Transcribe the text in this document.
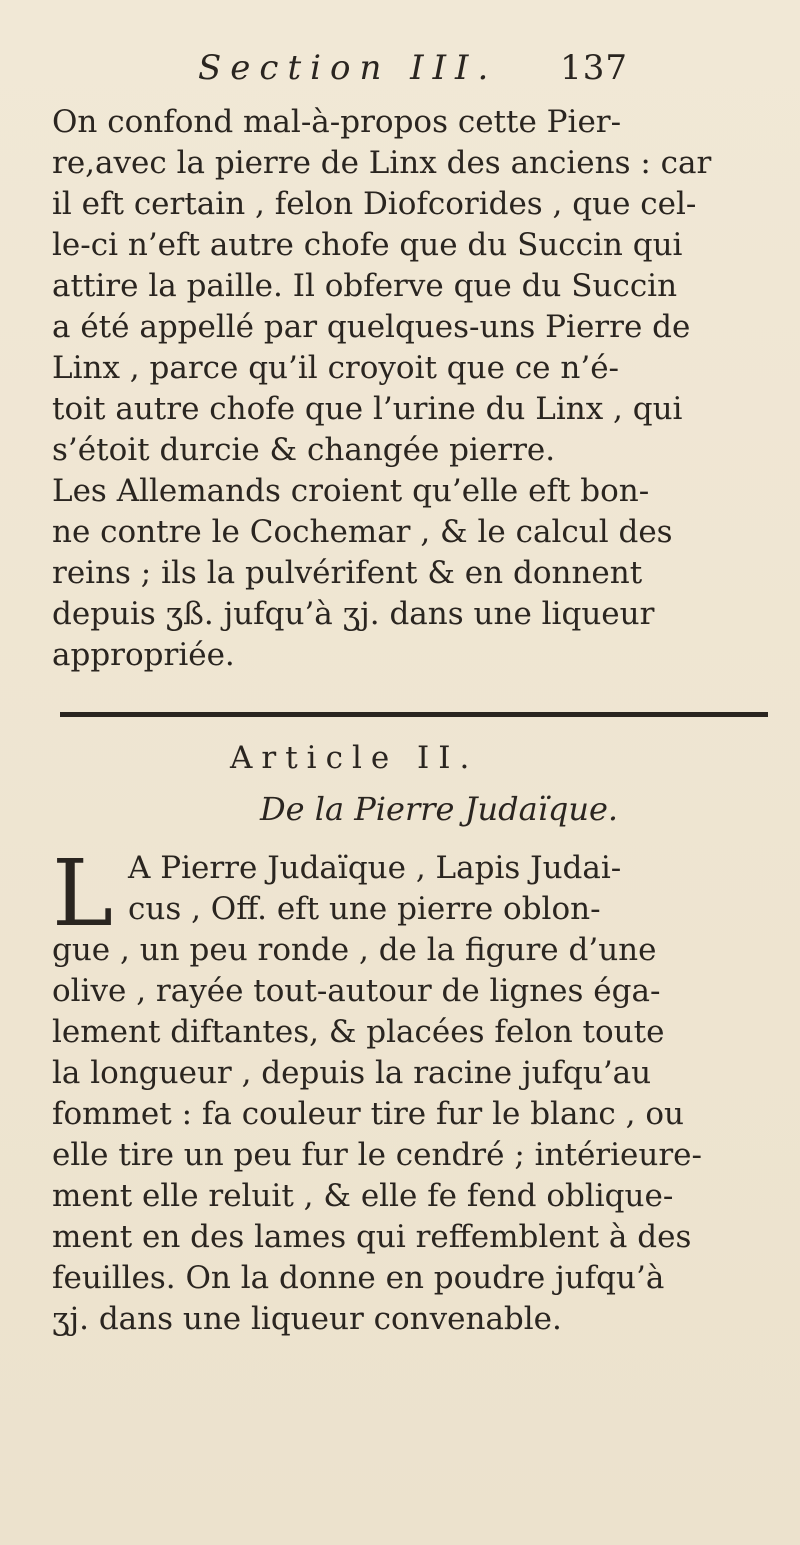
Section III. 137

On confond mal-à-propos cette Pier-
re,avec la pierre de Linx des anciens : car
il eft certain , felon Diofcorides , que cel-
le-ci n’eft autre chofe que du Succin qui
attire la paille. Il obferve que du Succin
a été appellé par quelques-uns Pierre de
Linx , parce qu’il croyoit que ce n’é-
toit autre chofe que l’urine du Linx , qui
s’étoit durcie & changée pierre.

Les Allemands croient qu’elle eft bon-
ne contre le Cochemar , & le calcul des
reins ; ils la pulvérifent & en donnent
depuis ʒß. jufqu’à ʒj. dans une liqueur
appropriée.

Article II.
De la Pierre Judaïque.
L A Pierre Judaïque , Lapis Judai-
cus , Off. eft une pierre oblon-
gue , un peu ronde , de la figure d’une
olive , rayée tout-autour de lignes éga-
lement diftantes, & placées felon toute
la longueur , depuis la racine jufqu’au
fommet : fa couleur tire fur le blanc , ou
elle tire un peu fur le cendré ; intérieure-
ment elle reluit , & elle fe fend oblique-
ment en des lames qui reffemblent à des
feuilles. On la donne en poudre jufqu’à
ʒj. dans une liqueur convenable.
